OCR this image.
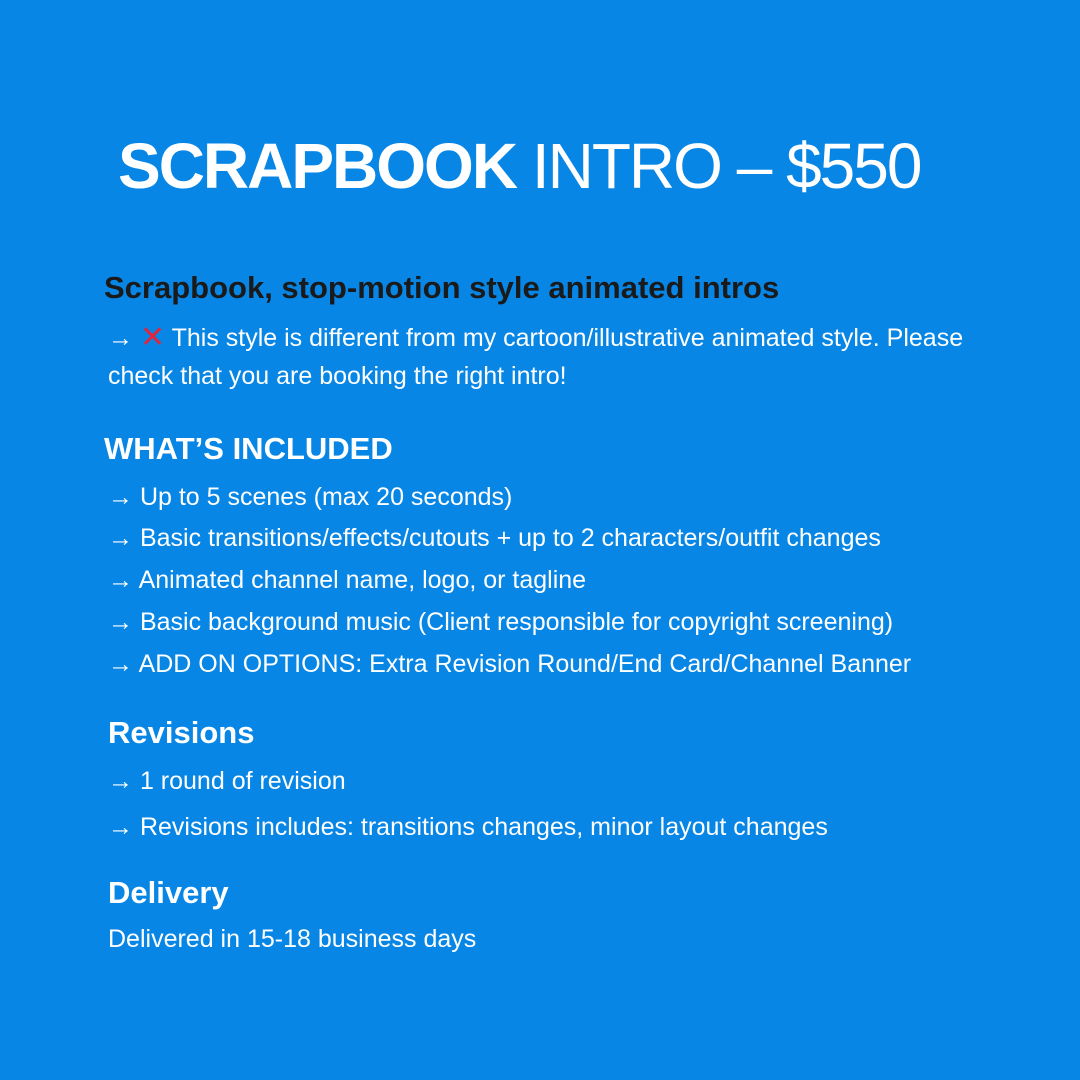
SCRAPBOOK INTRO – $550
Scrapbook, stop-motion style animated intros

→ ✕ This style is different from my cartoon/illustrative animated style. Please check that you are booking the right intro!

WHAT’S INCLUDED

→ Up to 5 scenes (max 20 seconds)

→ Basic transitions/effects/cutouts + up to 2 characters/outfit changes

→ Animated channel name, logo, or tagline

→ Basic background music (Client responsible for copyright screening)

→ ADD ON OPTIONS: Extra Revision Round/End Card/Channel Banner

Revisions

→ 1 round of revision

→ Revisions includes: transitions changes, minor layout changes

Delivery

Delivered in 15-18 business days
